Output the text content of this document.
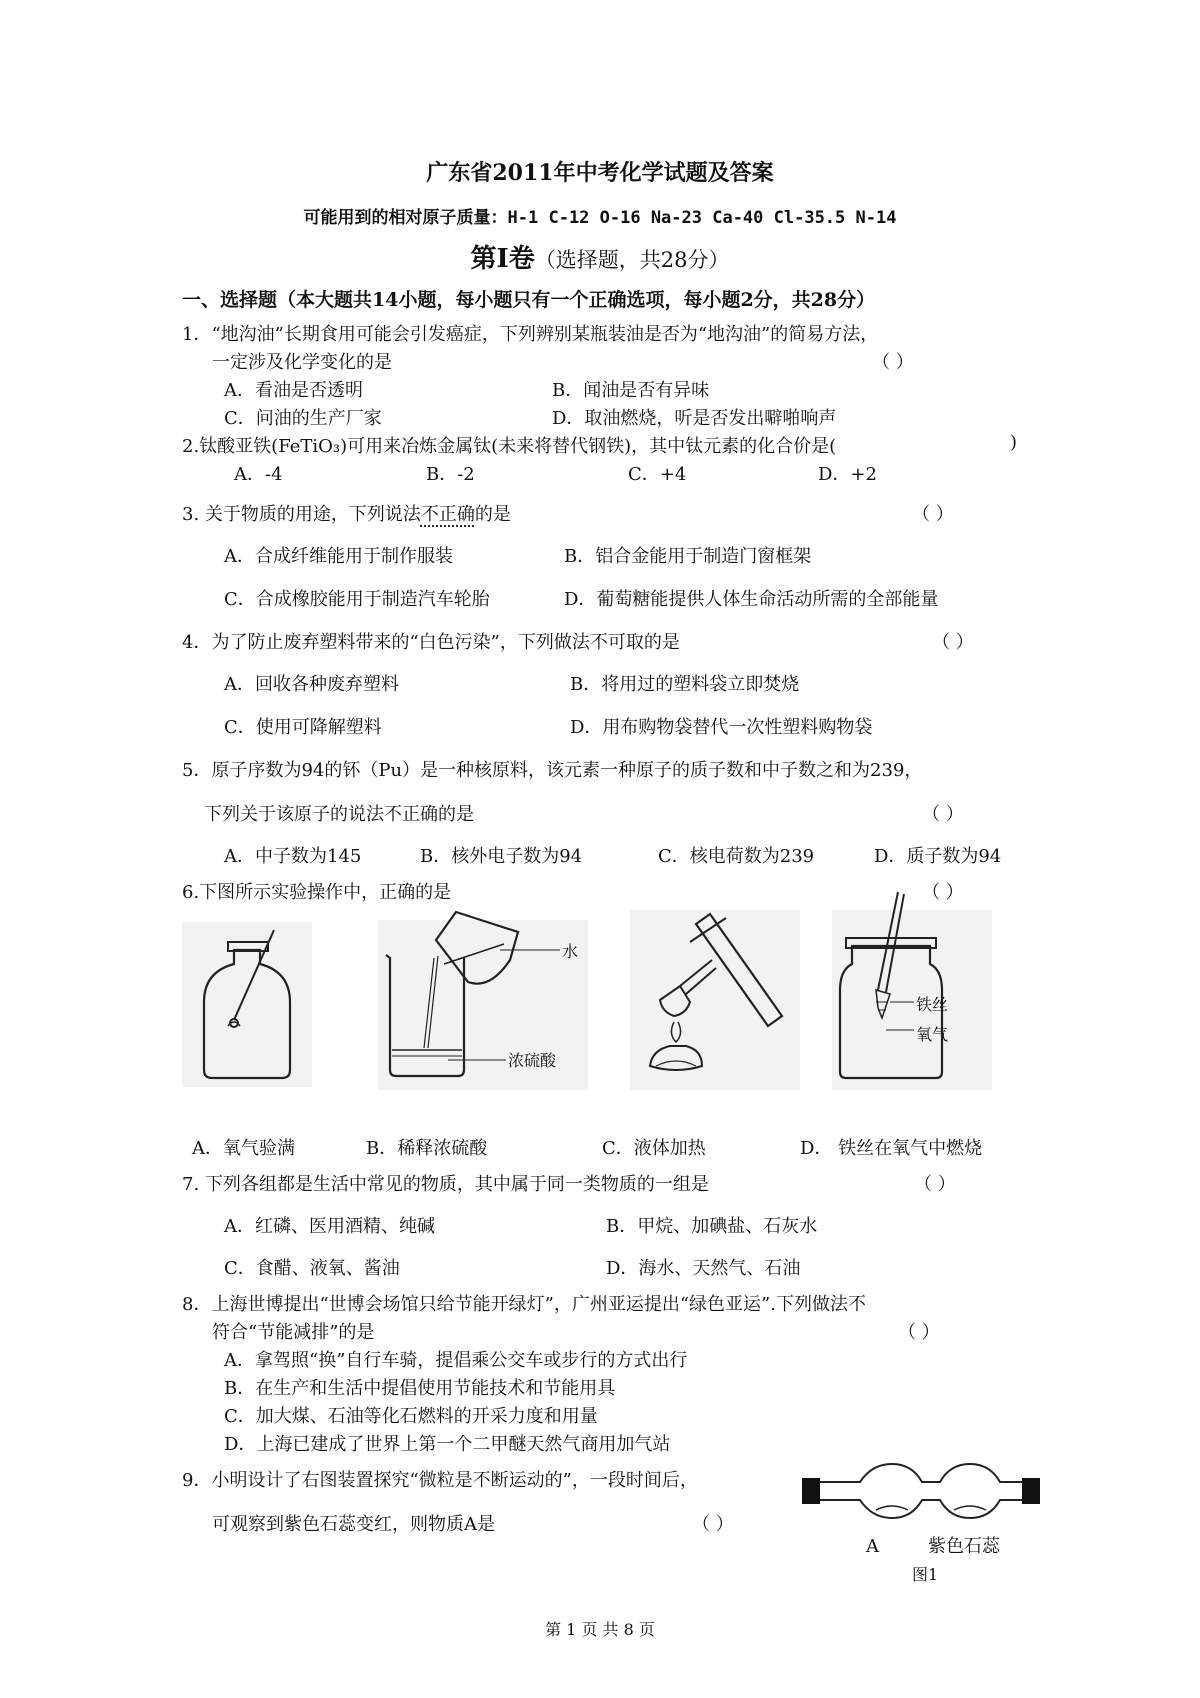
广东省2011年中考化学试题及答案
可能用到的相对原子质量：H-1 C-12 O-16 Na-23 Ca-40 Cl-35.5 N-14
第Ⅰ卷（选择题，共28分）
一、选择题（本大题共14小题，每小题只有一个正确选项，每小题2分，共28分）
1．“地沟油”长期食用可能会引发癌症，下列辨别某瓶装油是否为“地沟油”的简易方法，
一定涉及化学变化的是	（ ）
A．看油是否透明	B．闻油是否有异味
C．问油的生产厂家	D．取油燃烧，听是否发出噼啪响声
2.钛酸亚铁(FeTiO₃)可用来冶炼金属钛(未来将替代钢铁)，其中钛元素的化合价是(	)
A．-4	B．-2	C．+4	D．+2
3. 关于物质的用途，下列说法不正确的是	（ ）
A．合成纤维能用于制作服装	B．铝合金能用于制造门窗框架
C．合成橡胶能用于制造汽车轮胎	D．葡萄糖能提供人体生命活动所需的全部能量
4．为了防止废弃塑料带来的“白色污染”，下列做法不可取的是	（ ）
A．回收各种废弃塑料	B．将用过的塑料袋立即焚烧
C．使用可降解塑料	D．用布购物袋替代一次性塑料购物袋
5．原子序数为94的钚（Pu）是一种核原料，该元素一种原子的质子数和中子数之和为239，
下列关于该原子的说法不正确的是	（ ）
A．中子数为145	B．核外电子数为94	C．核电荷数为239	D．质子数为94
6.下图所示实验操作中，正确的是	（ ）
水
浓硫酸
铁丝
氧气
A．氧气验满	B．稀释浓硫酸	C．液体加热	D． 铁丝在氧气中燃烧
7. 下列各组都是生活中常见的物质，其中属于同一类物质的一组是	（ ）
A．红磷、医用酒精、纯碱	B．甲烷、加碘盐、石灰水
C．食醋、液氧、酱油	D．海水、天然气、石油
8．上海世博提出“世博会场馆只给节能开绿灯”，广州亚运提出“绿色亚运”.下列做法不
符合“节能减排”的是	（ ）
A．拿驾照“换”自行车骑，提倡乘公交车或步行的方式出行
B．在生产和生活中提倡使用节能技术和节能用具
C．加大煤、石油等化石燃料的开采力度和用量
D．上海已建成了世界上第一个二甲醚天然气商用加气站
9．小明设计了右图装置探究“微粒是不断运动的”，一段时间后，
可观察到紫色石蕊变红，则物质A是	（ ）
A	紫色石蕊
图1
第 1 页 共 8 页
